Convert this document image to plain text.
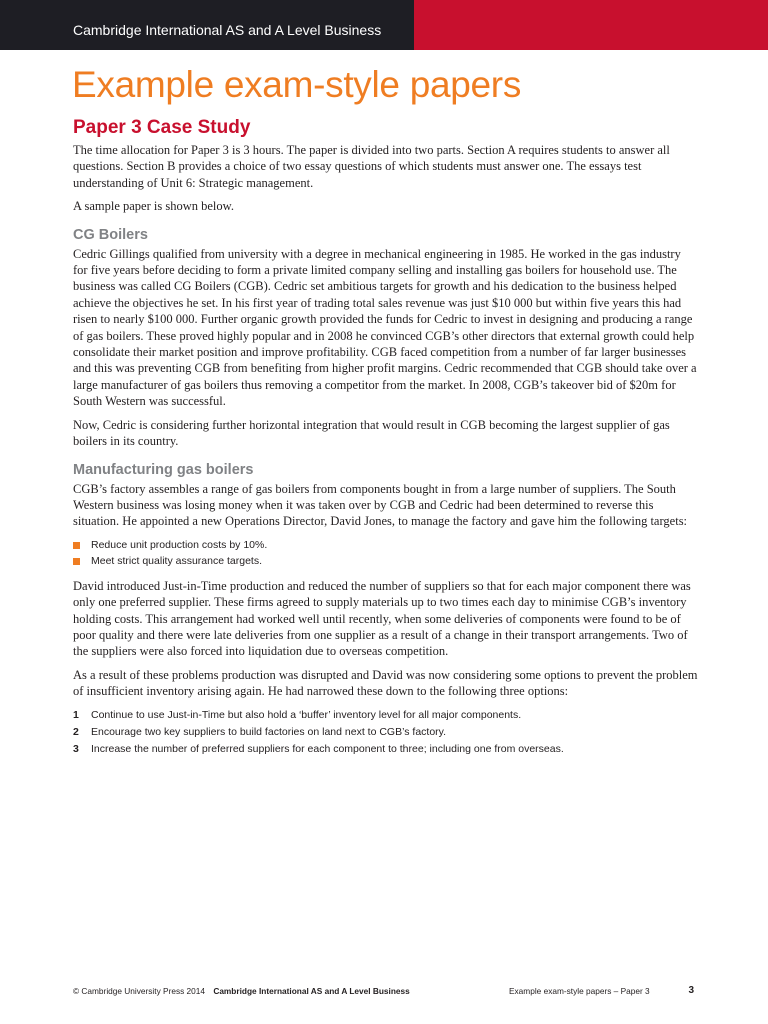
Cambridge International AS and A Level Business
Example exam-style papers
Paper 3 Case Study

The time allocation for Paper 3 is 3 hours. The paper is divided into two parts. Section A requires students to answer all questions. Section B provides a choice of two essay questions of which students must answer one. The essays test understanding of Unit 6: Strategic management.

A sample paper is shown below.

CG Boilers

Cedric Gillings qualified from university with a degree in mechanical engineering in 1985. He worked in the gas industry for five years before deciding to form a private limited company selling and installing gas boilers for household use. The business was called CG Boilers (CGB). Cedric set ambitious targets for growth and his dedication to the business helped achieve the objectives he set. In his first year of trading total sales revenue was just $10 000 but within five years this had risen to nearly $100 000. Further organic growth provided the funds for Cedric to invest in designing and producing a range of gas boilers. These proved highly popular and in 2008 he convinced CGB’s other directors that external growth could help consolidate their market position and improve profitability. CGB faced competition from a number of far larger businesses and this was preventing CGB from benefiting from higher profit margins. Cedric recommended that CGB should take over a large manufacturer of gas boilers thus removing a competitor from the market. In 2008, CGB’s takeover bid of $20m for South Western was successful.

Now, Cedric is considering further horizontal integration that would result in CGB becoming the largest supplier of gas boilers in its country.

Manufacturing gas boilers

CGB’s factory assembles a range of gas boilers from components bought in from a large number of suppliers. The South Western business was losing money when it was taken over by CGB and Cedric had been determined to reverse this situation. He appointed a new Operations Director, David Jones, to manage the factory and gave him the following targets:

Reduce unit production costs by 10%.
Meet strict quality assurance targets.

David introduced Just-in-Time production and reduced the number of suppliers so that for each major component there was only one preferred supplier. These firms agreed to supply materials up to two times each day to minimise CGB’s inventory holding costs. This arrangement had worked well until recently, when some deliveries of components were found to be of poor quality and there were late deliveries from one supplier as a result of a change in their transport arrangements. Two of the suppliers were also forced into liquidation due to overseas competition.

As a result of these problems production was disrupted and David was now considering some options to prevent the problem of insufficient inventory arising again. He had narrowed these down to the following three options:

1 Continue to use Just-in-Time but also hold a ‘buffer’ inventory level for all major components.
2 Encourage two key suppliers to build factories on land next to CGB’s factory.
3 Increase the number of preferred suppliers for each component to three; including one from overseas.
© Cambridge University Press 2014 Cambridge International AS and A Level Business	Example exam-style papers – Paper 3	3
